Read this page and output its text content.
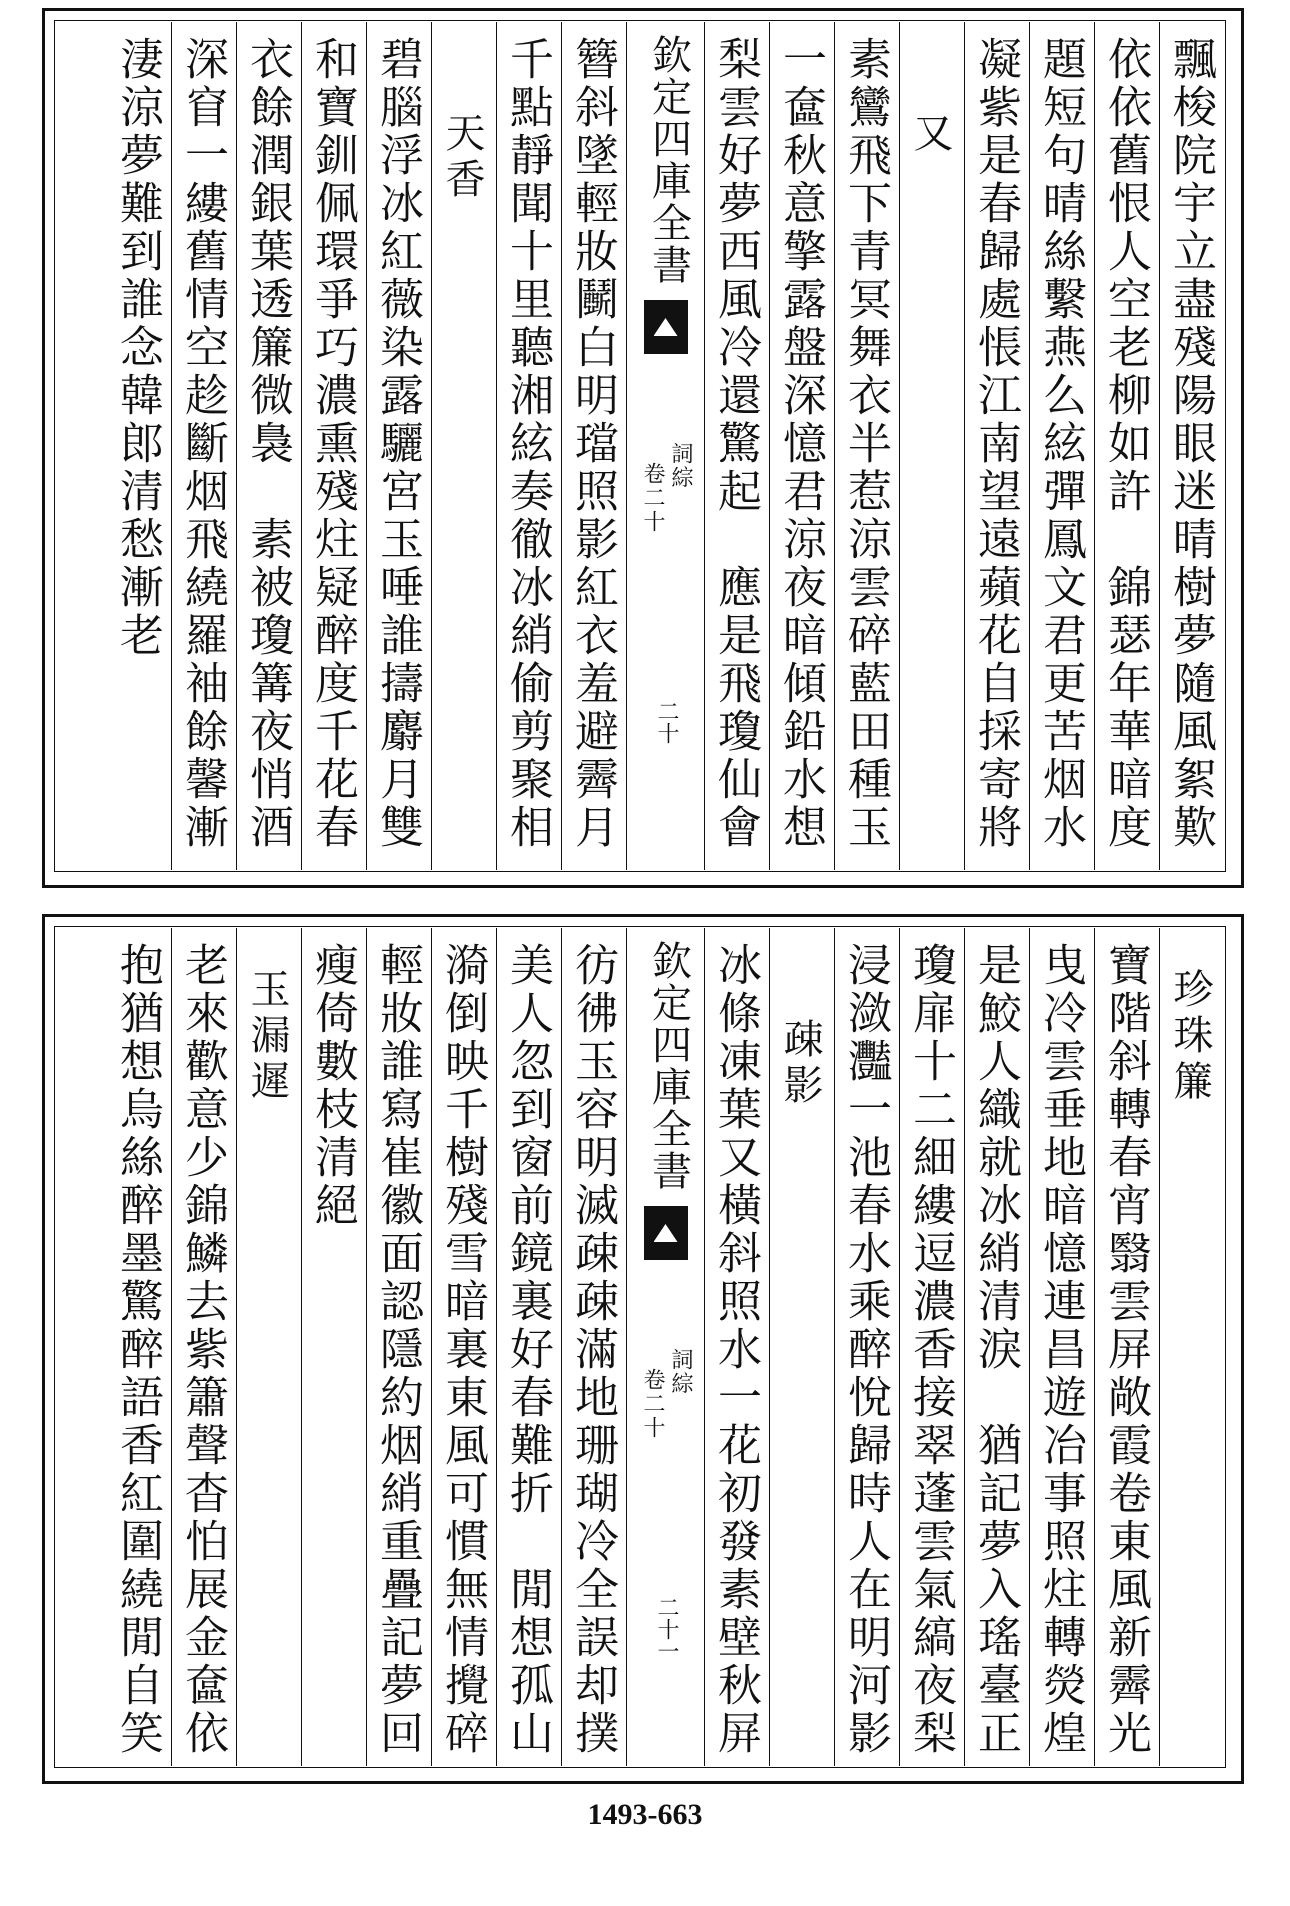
飄梭院宇立盡殘陽眼迷晴樹夢隨風絮歎
依依舊恨人空老柳如許　錦瑟年華暗度
題短句晴絲繫燕么絃彈鳳文君更苦烟水
凝紫是春歸處悵江南望遠蘋花自採寄將
又
素鸞飛下青冥舞衣半惹涼雲碎藍田種玉
一奩秋意擎露盤深憶君涼夜暗傾鉛水想
梨雲好夢西風冷還驚起　應是飛瓊仙會
欽定四庫全書
詞綜
卷二十
二十
簪斜墜輕妝鬭白明璫照影紅衣羞避霽月
千點靜聞十里聽湘絃奏徹冰綃偷剪聚相
天香
碧腦浮冰紅薇染露驪宮玉唾誰擣麝月雙
和寶釧佩環爭巧濃熏殘炷疑醉度千花春
衣餘潤銀葉透簾微裊　素被瓊篝夜悄酒
深窅一縷舊情空趁斷烟飛繞羅袖餘馨漸
淒涼夢難到誰念韓郎清愁漸老
珍珠簾
寶階斜轉春宵翳雲屏敞霞卷東風新霽光
曳冷雲垂地暗憶連昌遊冶事照炷轉熒煌
是鮫人織就冰綃清淚　猶記夢入瑤臺正
瓊扉十二細縷逗濃香接翠蓬雲氣縞夜梨
浸潋灩一池春水乘醉悅歸時人在明河影
疎影
冰條凍葉又橫斜照水一花初發素壁秋屏
欽定四庫全書
詞綜
卷二十
二十一
彷彿玉容明滅疎疎滿地珊瑚冷全誤却撲
美人忽到窗前鏡裏好春難折　閒想孤山
漪倒映千樹殘雪暗裏東風可慣無情攪碎
輕妝誰寫崔徽面認隱約烟綃重疊記夢回
瘦倚數枝清絕
玉漏遲
老來歡意少錦鱗去紫簫聲杳怕展金奩依
抱猶想烏絲醉墨驚醉語香紅圍繞閒自笑
1493-663
